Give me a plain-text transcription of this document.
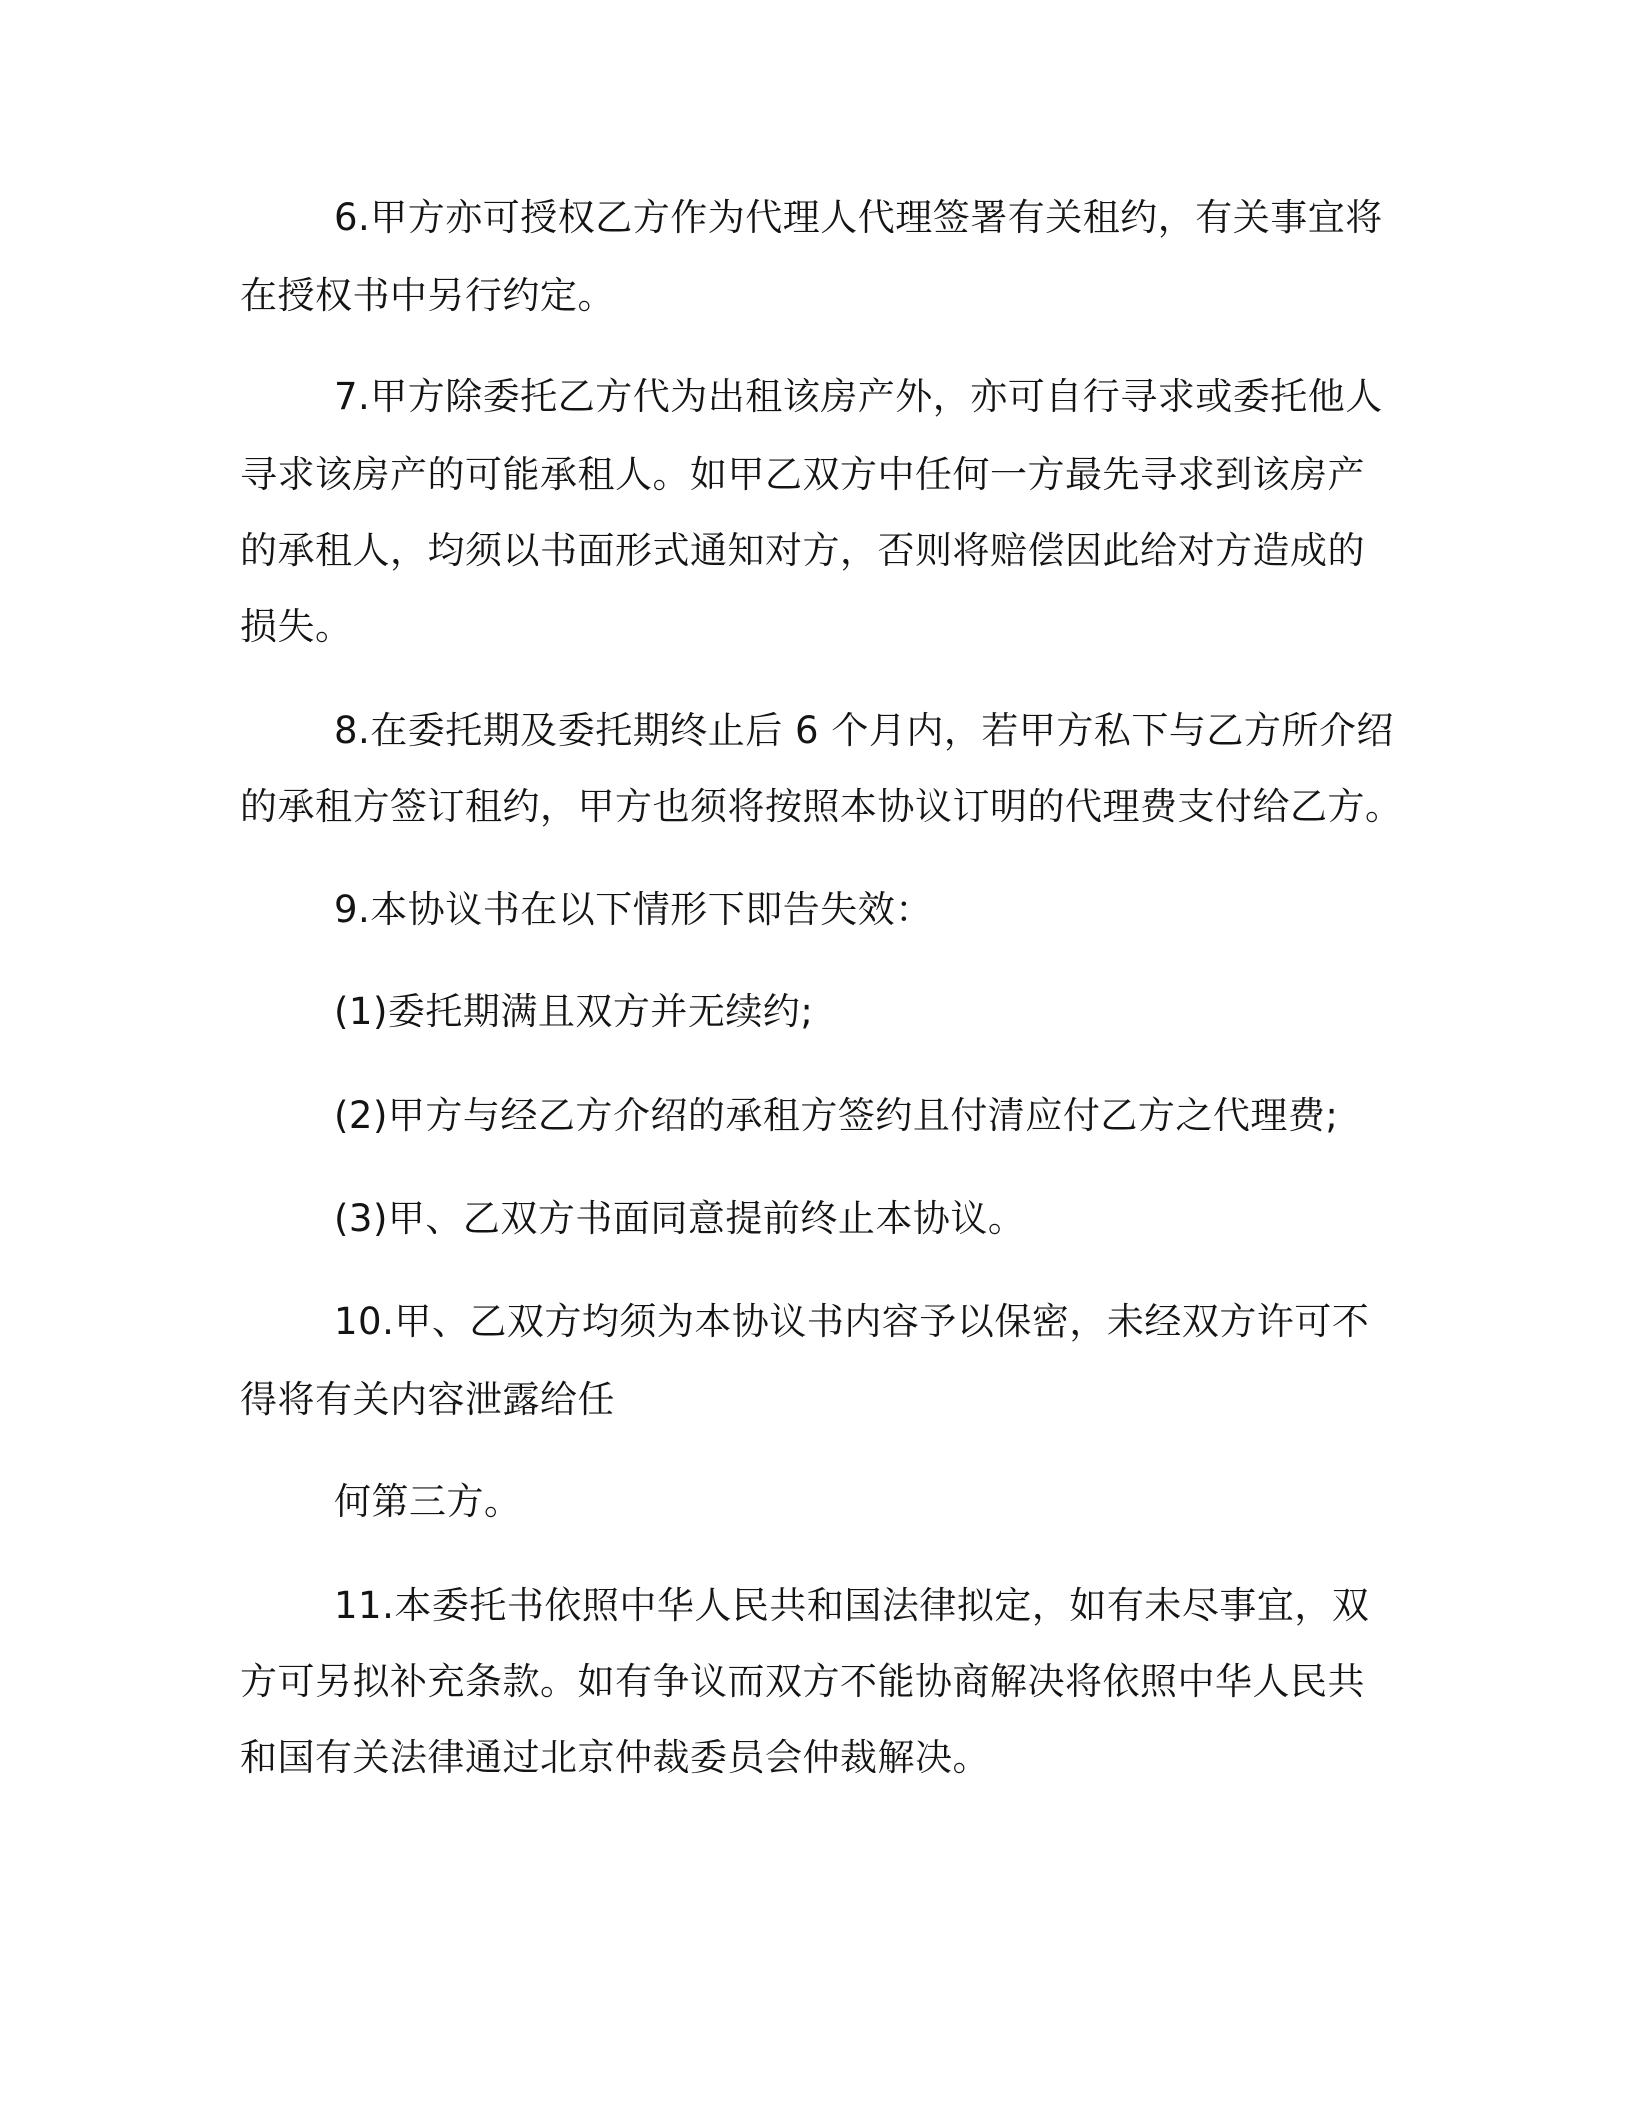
6.甲方亦可授权乙方作为代理人代理签署有关租约，有关事宜将

在授权书中另行约定。

7.甲方除委托乙方代为出租该房产外，亦可自行寻求或委托他人

寻求该房产的可能承租人。如甲乙双方中任何一方最先寻求到该房产

的承租人，均须以书面形式通知对方，否则将赔偿因此给对方造成的

损失。

8.在委托期及委托期终止后 6 个月内，若甲方私下与乙方所介绍

的承租方签订租约，甲方也须将按照本协议订明的代理费支付给乙方。

9.本协议书在以下情形下即告失效：

(1)委托期满且双方并无续约;

(2)甲方与经乙方介绍的承租方签约且付清应付乙方之代理费;

(3)甲、乙双方书面同意提前终止本协议。

10.甲、乙双方均须为本协议书内容予以保密，未经双方许可不

得将有关内容泄露给任

何第三方。

11.本委托书依照中华人民共和国法律拟定，如有未尽事宜，双

方可另拟补充条款。如有争议而双方不能协商解决将依照中华人民共

和国有关法律通过北京仲裁委员会仲裁解决。
